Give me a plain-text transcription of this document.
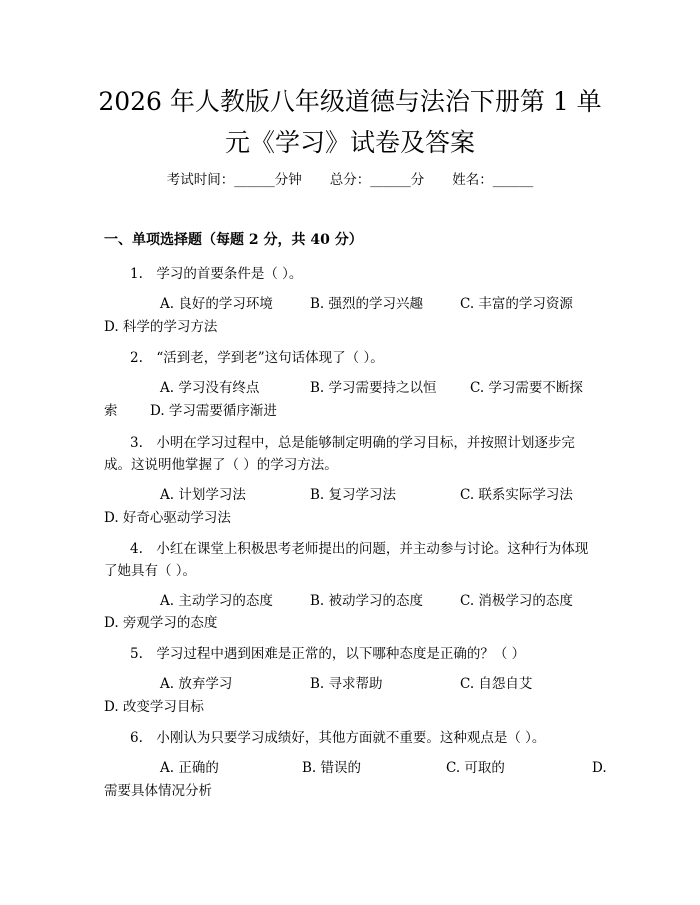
2026 年人教版八年级道德与法治下册第 1 单
元《学习》试卷及答案
考试时间：______分钟 总分：______分 姓名：______
一、单项选择题（每题 2 分，共 40 分）
1.　学习的首要条件是（ ）。
A. 良好的学习环境	B. 强烈的学习兴趣	C. 丰富的学习资源
D. 科学的学习方法
2.　“活到老，学到老”这句话体现了（ ）。
A. 学习没有终点	B. 学习需要持之以恒 C. 学习需要不断探
索 D. 学习需要循序渐进
3.　小明在学习过程中，总是能够制定明确的学习目标，并按照计划逐步完
成。这说明他掌握了（ ）的学习方法。
A. 计划学习法	B. 复习学习法	C. 联系实际学习法
D. 好奇心驱动学习法
4.　小红在课堂上积极思考老师提出的问题，并主动参与讨论。这种行为体现
了她具有（ ）。
A. 主动学习的态度	B. 被动学习的态度	C. 消极学习的态度
D. 旁观学习的态度
5.　学习过程中遇到困难是正常的，以下哪种态度是正确的？（ ）
A. 放弃学习	B. 寻求帮助	C. 自怨自艾
D. 改变学习目标
6.　小刚认为只要学习成绩好，其他方面就不重要。这种观点是（ ）。
A. 正确的	B. 错误的	C. 可取的	D.
需要具体情况分析
